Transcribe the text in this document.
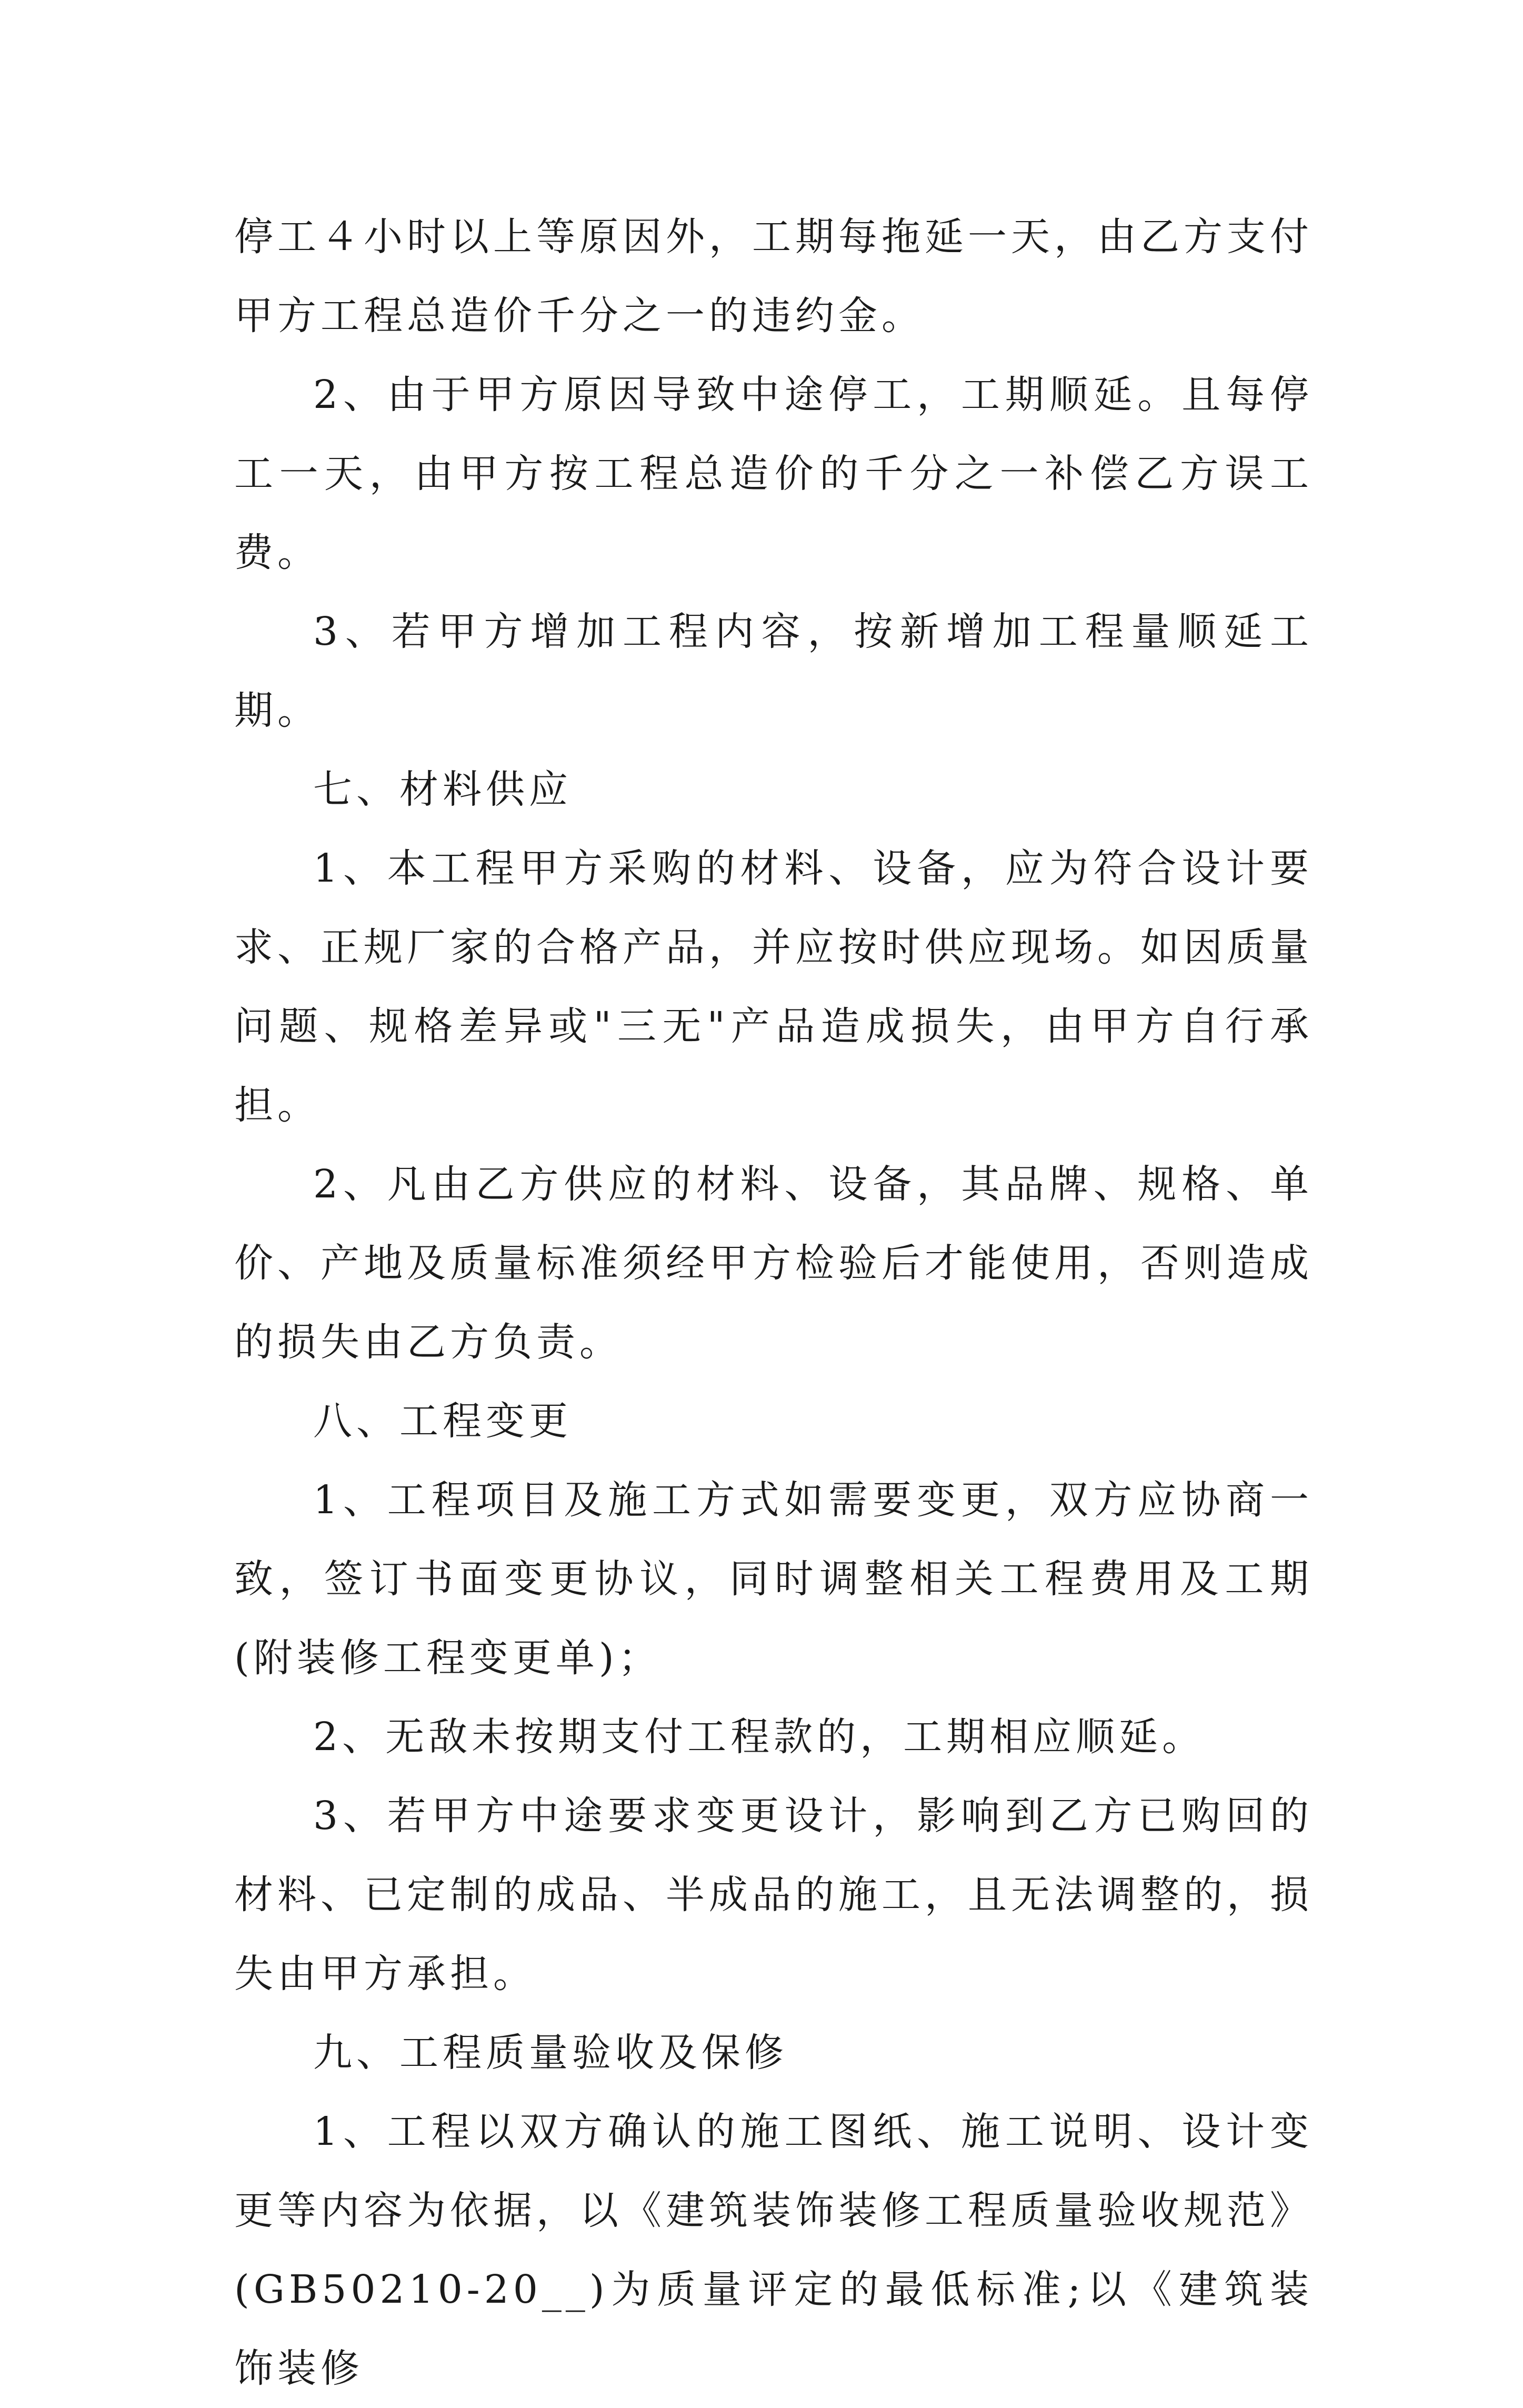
停工４小时以上等原因外，工期每拖延一天，由乙方支付甲方工程总造价千分之一的违约金。

2、由于甲方原因导致中途停工，工期顺延。且每停工一天，由甲方按工程总造价的千分之一补偿乙方误工费。

3、若甲方增加工程内容，按新增加工程量顺延工期。

七、材料供应

1、本工程甲方采购的材料、设备，应为符合设计要求、正规厂家的合格产品，并应按时供应现场。如因质量问题、规格差异或"三无"产品造成损失，由甲方自行承担。

2、凡由乙方供应的材料、设备，其品牌、规格、单价、产地及质量标准须经甲方检验后才能使用，否则造成的损失由乙方负责。

八、工程变更

1、工程项目及施工方式如需要变更，双方应协商一致，签订书面变更协议，同时调整相关工程费用及工期(附装修工程变更单)；

2、无敌未按期支付工程款的，工期相应顺延。

3、若甲方中途要求变更设计，影响到乙方已购回的材料、已定制的成品、半成品的施工，且无法调整的，损失由甲方承担。

九、工程质量验收及保修

1、工程以双方确认的施工图纸、施工说明、设计变更等内容为依据，以《建筑装饰装修工程质量验收规范》(GB50210-20__)为质量评定的最低标准;以《建筑装饰装修
